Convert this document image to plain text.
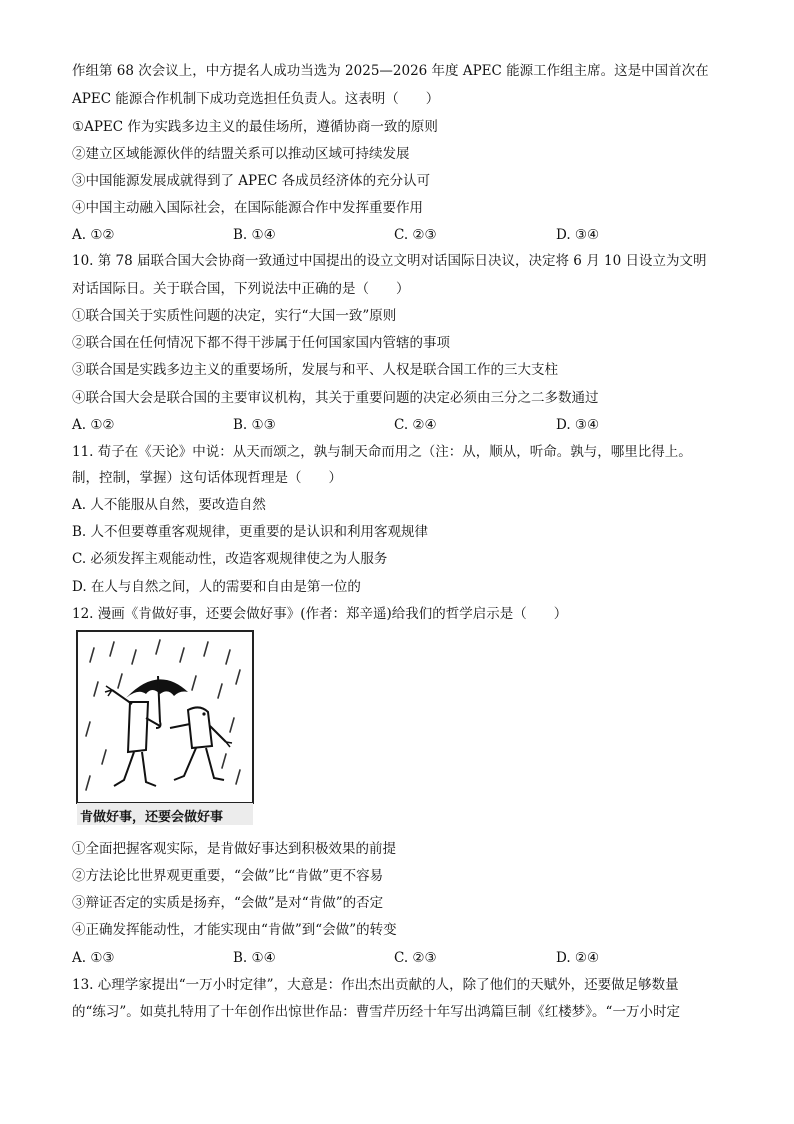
作组第 68 次会议上，中方提名人成功当选为 2025—2026 年度 APEC 能源工作组主席。这是中国首次在
APEC 能源合作机制下成功竞选担任负责人。这表明（　　）
①APEC 作为实践多边主义的最佳场所，遵循协商一致的原则
②建立区域能源伙伴的结盟关系可以推动区域可持续发展
③中国能源发展成就得到了 APEC 各成员经济体的充分认可
④中国主动融入国际社会，在国际能源合作中发挥重要作用
A. ①②	B. ①④	C. ②③	D. ③④
10. 第 78 届联合国大会协商一致通过中国提出的设立文明对话国际日决议，决定将 6 月 10 日设立为文明
对话国际日。关于联合国，下列说法中正确的是（　　）
①联合国关于实质性问题的决定，实行“大国一致”原则
②联合国在任何情况下都不得干涉属于任何国家国内管辖的事项
③联合国是实践多边主义的重要场所，发展与和平、人权是联合国工作的三大支柱
④联合国大会是联合国的主要审议机构，其关于重要问题的决定必须由三分之二多数通过
A. ①②	B. ①③	C. ②④	D. ③④
11. 荀子在《天论》中说：从天而颂之，孰与制天命而用之（注：从，顺从，听命。孰与，哪里比得上。
制，控制，掌握）这句话体现哲理是（　　）
A. 人不能服从自然，要改造自然
B. 人不但要尊重客观规律，更重要的是认识和利用客观规律
C. 必须发挥主观能动性，改造客观规律使之为人服务
D. 在人与自然之间，人的需要和自由是第一位的
12. 漫画《肯做好事，还要会做好事》(作者：郑辛遥)给我们的哲学启示是（　　）
肯做好事，还要会做好事
①全面把握客观实际，是肯做好事达到积极效果的前提
②方法论比世界观更重要，“会做”比“肯做”更不容易
③辩证否定的实质是扬弃，“会做”是对“肯做”的否定
④正确发挥能动性，才能实现由“肯做”到“会做”的转变
A. ①③	B. ①④	C. ②③	D. ②④
13. 心理学家提出“一万小时定律”，大意是：作出杰出贡献的人，除了他们的天赋外，还要做足够数量
的“练习”。如莫扎特用了十年创作出惊世作品：曹雪芹历经十年写出鸿篇巨制《红楼梦》。“一万小时定
